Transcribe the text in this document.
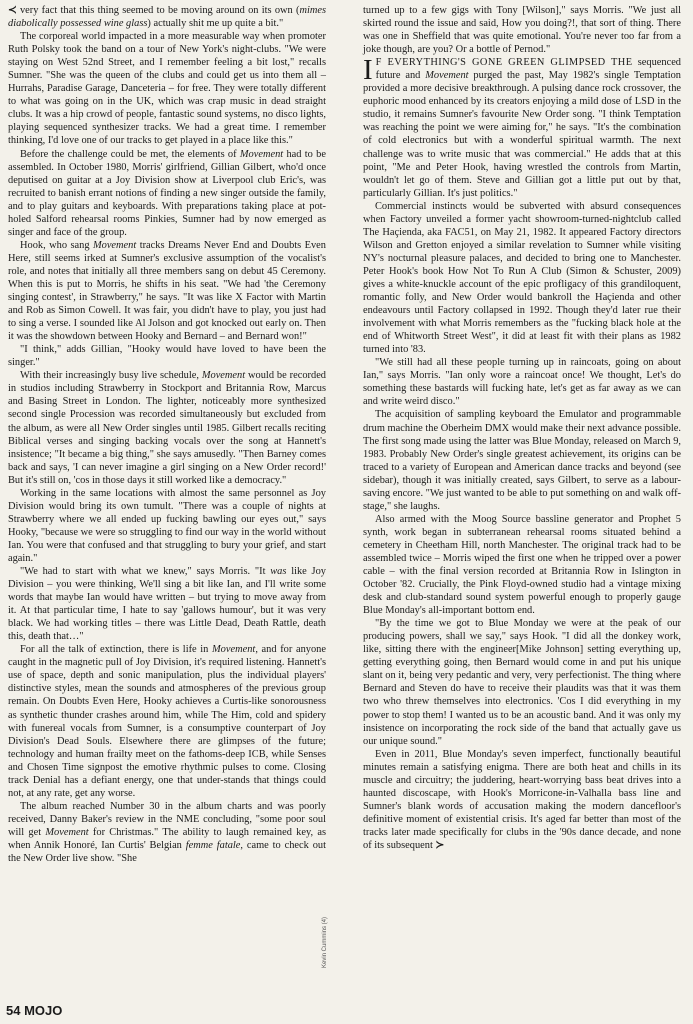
≺ very fact that this thing seemed to be moving around on its own (mimes diabolically possessed wine glass) actually shit me up quite a bit."

The corporeal world impacted in a more measurable way when promoter Ruth Polsky took the band on a tour of New York's night-clubs. "We were staying on West 52nd Street, and I remember feeling a bit lost," recalls Sumner. "She was the queen of the clubs and could get us into them all – Hurrahs, Paradise Garage, Danceteria – for free. They were totally different to what was going on in the UK, which was crap music in dead straight clubs. It was a hip crowd of people, fantastic sound systems, no disco lights, playing sequenced synthesizer tracks. We had a great time. I remember thinking, I'd love one of our tracks to get played in a place like this."

Before the challenge could be met, the elements of Movement had to be assembled. In October 1980, Morris' girlfriend, Gillian Gilbert, who'd once deputised on guitar at a Joy Division show at Liverpool club Eric's, was recruited to banish errant notions of finding a new singer outside the family, and to play guitars and keyboards. With preparations taking place at pot-holed Salford rehearsal rooms Pinkies, Sumner had by now emerged as singer and face of the group.

Hook, who sang Movement tracks Dreams Never End and Doubts Even Here, still seems irked at Sumner's exclusive assumption of the vocalist's role, and notes that initially all three members sang on debut 45 Ceremony. When this is put to Morris, he shifts in his seat. "We had 'the Ceremony singing contest', in Strawberry," he says. "It was like X Factor with Martin and Rob as Simon Cowell. It was fair, you didn't have to play, you just had to sing a verse. I sounded like Al Jolson and got knocked out early on. Then it was the showdown between Hooky and Bernard – and Bernard won!"

"I think," adds Gillian, "Hooky would have loved to have been the singer."

With their increasingly busy live schedule, Movement would be recorded in studios including Strawberry in Stockport and Britannia Row, Marcus and Basing Street in London. The lighter, noticeably more synthesized second single Procession was recorded simultaneously but excluded from the album, as were all New Order singles until 1985. Gilbert recalls reciting Biblical verses and singing backing vocals over the song at Hannett's insistence; "It became a big thing," she says amusedly. "Then Barney comes back and says, 'I can never imagine a girl singing on a New Order record!' But it's still on, 'cos in those days it still worked like a democracy."

Working in the same locations with almost the same personnel as Joy Division would bring its own tumult. "There was a couple of nights at Strawberry where we all ended up fucking bawling our eyes out," says Hooky, "because we were so struggling to find our way in the world without Ian. You were that confused and that struggling to bury your grief, and start again."

"We had to start with what we knew," says Morris. "It was like Joy Division – you were thinking, We'll sing a bit like Ian, and I'll write some words that maybe Ian would have written – but trying to move away from it. At that particular time, I hate to say 'gallows humour', but it was very black. We had working titles – there was Little Dead, Death Rattle, death this, death that…"

For all the talk of extinction, there is life in Movement, and for anyone caught in the magnetic pull of Joy Division, it's required listening. Hannett's use of space, depth and sonic manipulation, plus the individual players' distinctive styles, mean the sounds and atmospheres of the previous group remain. On Doubts Even Here, Hooky achieves a Curtis-like sonorousness as synthetic thunder crashes around him, while The Him, cold and spidery with funereal vocals from Sumner, is a consumptive counterpart of Joy Division's Dead Souls. Elsewhere there are glimpses of the future; technology and human frailty meet on the fathoms-deep ICB, while Senses and Chosen Time signpost the emotive rhythmic pulses to come. Closing track Denial has a defiant energy, one that under-stands that things could not, at any rate, get any worse.

The album reached Number 30 in the album charts and was poorly received, Danny Baker's review in the NME concluding, "some poor soul will get Movement for Christmas." The ability to laugh remained key, as when Annik Honoré, Ian Curtis' Belgian femme fatale, came to check out the New Order live show. "She

Kevin Cummins (4)

turned up to a few gigs with Tony [Wilson]," says Morris. "We just all skirted round the issue and said, How you doing?!, that sort of thing. There was one in Sheffield that was quite emotional. You're never too far from a joke though, are you? Or a bottle of Pernod."

I F EVERYTHING'S GONE GREEN GLIMPSED THE sequenced future and Movement purged the past, May 1982's single Temptation provided a more decisive breakthrough. A pulsing dance rock crossover, the euphoric mood enhanced by its creators enjoying a mild dose of LSD in the studio, it remains Sumner's favourite New Order song. "I think Temptation was reaching the point we were aiming for," he says. "It's the combination of cold electronics but with a wonderful spiritual warmth. The next challenge was to write music that was commercial." He adds that at this point, "Me and Peter Hook, having wrestled the controls from Martin, wouldn't let go of them. Steve and Gillian got a little put out by that, particularly Gillian. It's just politics."

Commercial instincts would be subverted with absurd consequences when Factory unveiled a former yacht showroom-turned-nightclub called The Haçienda, aka FAC51, on May 21, 1982. It appeared Factory directors Wilson and Gretton enjoyed a similar revelation to Sumner while visiting NY's nocturnal pleasure palaces, and decided to bring one to Manchester. Peter Hook's book How Not To Run A Club (Simon & Schuster, 2009) gives a white-knuckle account of the epic profligacy of this grandiloquent, romantic folly, and New Order would bankroll the Haçienda and other endeavours until Factory collapsed in 1992. Though they'd later rue their involvement with what Morris remembers as the "fucking black hole at the end of Whitworth Street West", it did at least fit with their plans as 1982 turned into '83.

"We still had all these people turning up in raincoats, going on about Ian," says Morris. "Ian only wore a raincoat once! We thought, Let's do something these bastards will fucking hate, let's get as far away as we can and write weird disco."

The acquisition of sampling keyboard the Emulator and programmable drum machine the Oberheim DMX would make their next advance possible. The first song made using the latter was Blue Monday, released on March 9, 1983. Probably New Order's single greatest achievement, its origins can be traced to a variety of European and American dance tracks and beyond (see sidebar), though it was initially created, says Gilbert, to serve as a labour-saving encore. "We just wanted to be able to put something on and walk off-stage," she laughs.

Also armed with the Moog Source bassline generator and Prophet 5 synth, work began in subterranean rehearsal rooms situated behind a cemetery in Cheetham Hill, north Manchester. The original track had to be assembled twice – Morris wiped the first one when he tripped over a power cable – with the final version recorded at Britannia Row in Islington in October '82. Crucially, the Pink Floyd-owned studio had a vintage mixing desk and club-standard sound system powerful enough to properly gauge Blue Monday's all-important bottom end.

"By the time we got to Blue Monday we were at the peak of our producing powers, shall we say," says Hook. "I did all the donkey work, like, sitting there with the engineer[Mike Johnson] setting everything up, getting everything going, then Bernard would come in and put his unique slant on it, being very pedantic and very, very perfectionist. The thing where Bernard and Steven do have to receive their plaudits was that it was them two who threw themselves into electronics. 'Cos I did everything in my power to stop them! I wanted us to be an acoustic band. And it was only my insistence on incorporating the rock side of the band that actually gave us our unique sound."

Even in 2011, Blue Monday's seven imperfect, functionally beautiful minutes remain a satisfying enigma. There are both heat and chills in its muscle and circuitry; the juddering, heart-worrying bass beat drives into a haunted discoscape, with Hook's Morricone-in-Valhalla bass line and Sumner's blank words of accusation making the modern dancefloor's definitive moment of existential crisis. It's aged far better than most of the tracks later made specifically for clubs in the '90s dance decade, and none of its subsequent ≻

54 MOJO
